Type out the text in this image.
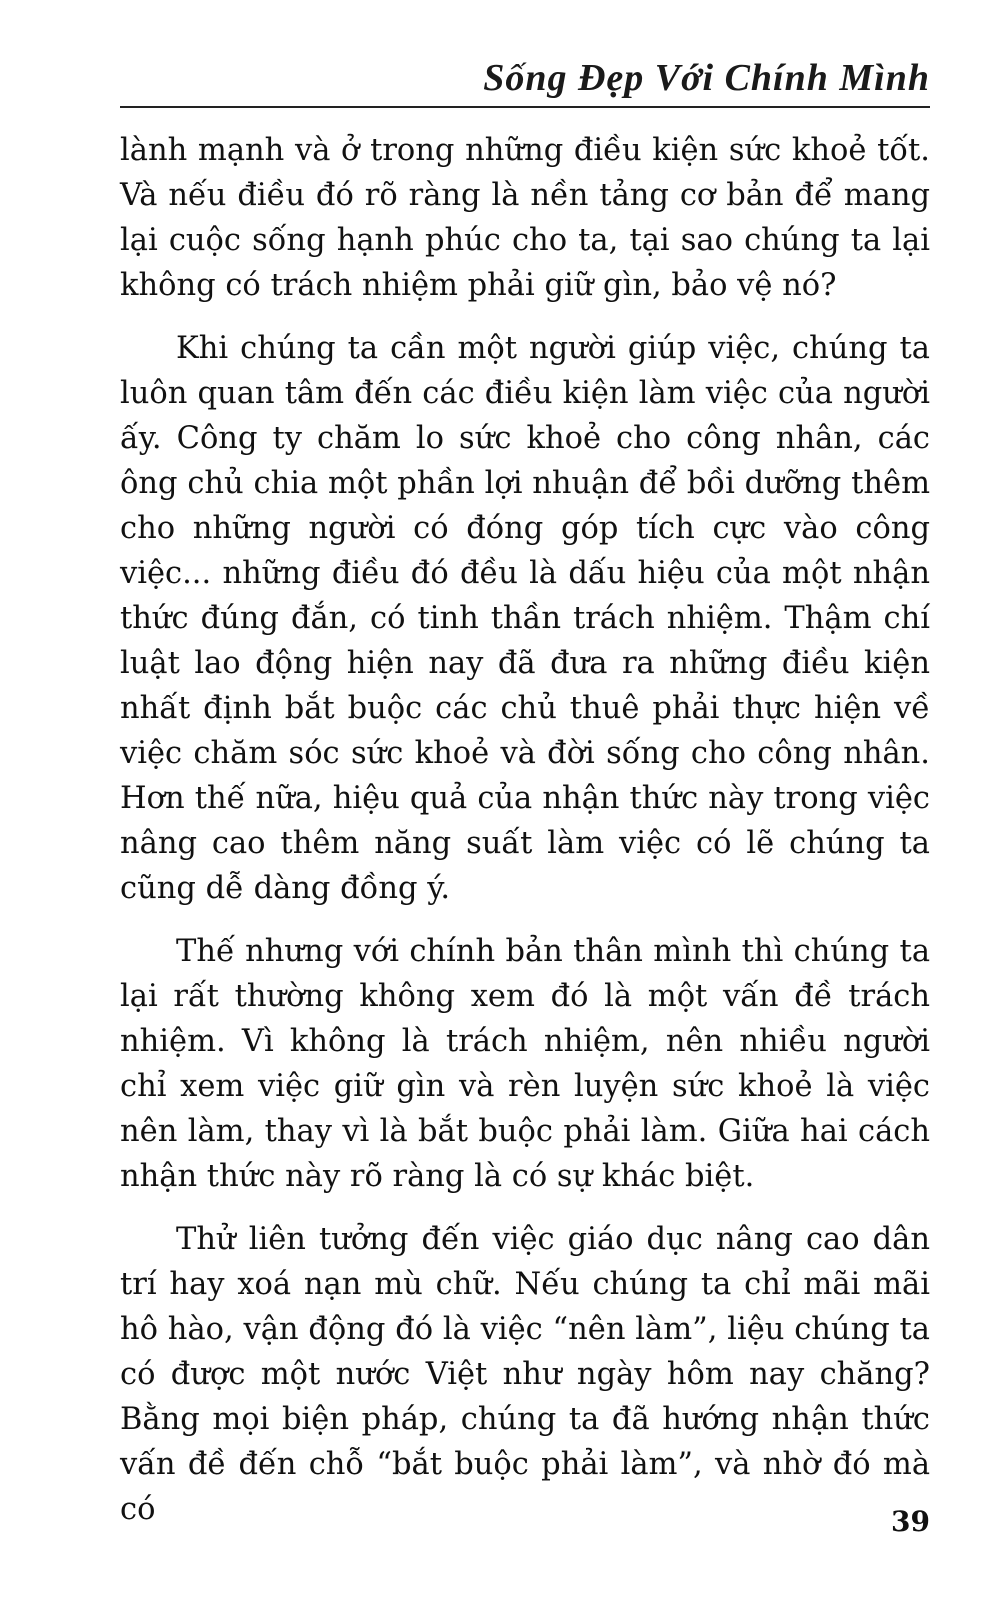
Sống Đẹp Với Chính Mình

lành mạnh và ở trong những điều kiện sức khoẻ tốt. Và nếu điều đó rõ ràng là nền tảng cơ bản để mang lại cuộc sống hạnh phúc cho ta, tại sao chúng ta lại không có trách nhiệm phải giữ gìn, bảo vệ nó?

Khi chúng ta cần một người giúp việc, chúng ta luôn quan tâm đến các điều kiện làm việc của người ấy. Công ty chăm lo sức khoẻ cho công nhân, các ông chủ chia một phần lợi nhuận để bồi dưỡng thêm cho những người có đóng góp tích cực vào công việc... những điều đó đều là dấu hiệu của một nhận thức đúng đắn, có tinh thần trách nhiệm. Thậm chí luật lao động hiện nay đã đưa ra những điều kiện nhất định bắt buộc các chủ thuê phải thực hiện về việc chăm sóc sức khoẻ và đời sống cho công nhân. Hơn thế nữa, hiệu quả của nhận thức này trong việc nâng cao thêm năng suất làm việc có lẽ chúng ta cũng dễ dàng đồng ý.

Thế nhưng với chính bản thân mình thì chúng ta lại rất thường không xem đó là một vấn đề trách nhiệm. Vì không là trách nhiệm, nên nhiều người chỉ xem việc giữ gìn và rèn luyện sức khoẻ là việc nên làm, thay vì là bắt buộc phải làm. Giữa hai cách nhận thức này rõ ràng là có sự khác biệt.

Thử liên tưởng đến việc giáo dục nâng cao dân trí hay xoá nạn mù chữ. Nếu chúng ta chỉ mãi mãi hô hào, vận động đó là việc “nên làm”, liệu chúng ta có được một nước Việt như ngày hôm nay chăng? Bằng mọi biện pháp, chúng ta đã hướng nhận thức vấn đề đến chỗ “bắt buộc phải làm”, và nhờ đó mà có	39
